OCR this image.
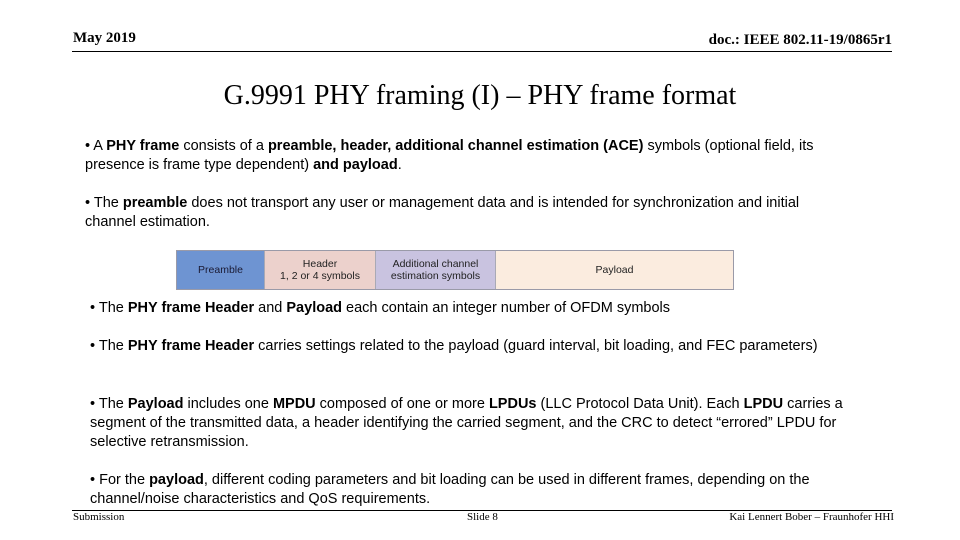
May 2019	doc.: IEEE 802.11-19/0865r1
G.9991 PHY framing (I) – PHY frame format
• A PHY frame consists of a preamble, header, additional channel estimation (ACE) symbols (optional field, its presence is frame type dependent) and payload.
• The preamble does not transport any user or management data and is intended for synchronization and initial channel estimation.
Preamble	Header
1, 2 or 4 symbols
Additional channel
estimation symbols	Payload
• The PHY frame Header and Payload each contain an integer number of OFDM symbols
• The PHY frame Header carries settings related to the payload (guard interval, bit loading, and FEC parameters)
• The Payload includes one MPDU composed of one or more LPDUs (LLC Protocol Data Unit). Each LPDU carries a segment of the transmitted data, a header identifying the carried segment, and the CRC to detect “errored” LPDU for selective retransmission.
• For the payload, different coding parameters and bit loading can be used in different frames, depending on the channel/noise characteristics and QoS requirements.
Submission	Slide 8	Kai Lennert Bober – Fraunhofer HHI
